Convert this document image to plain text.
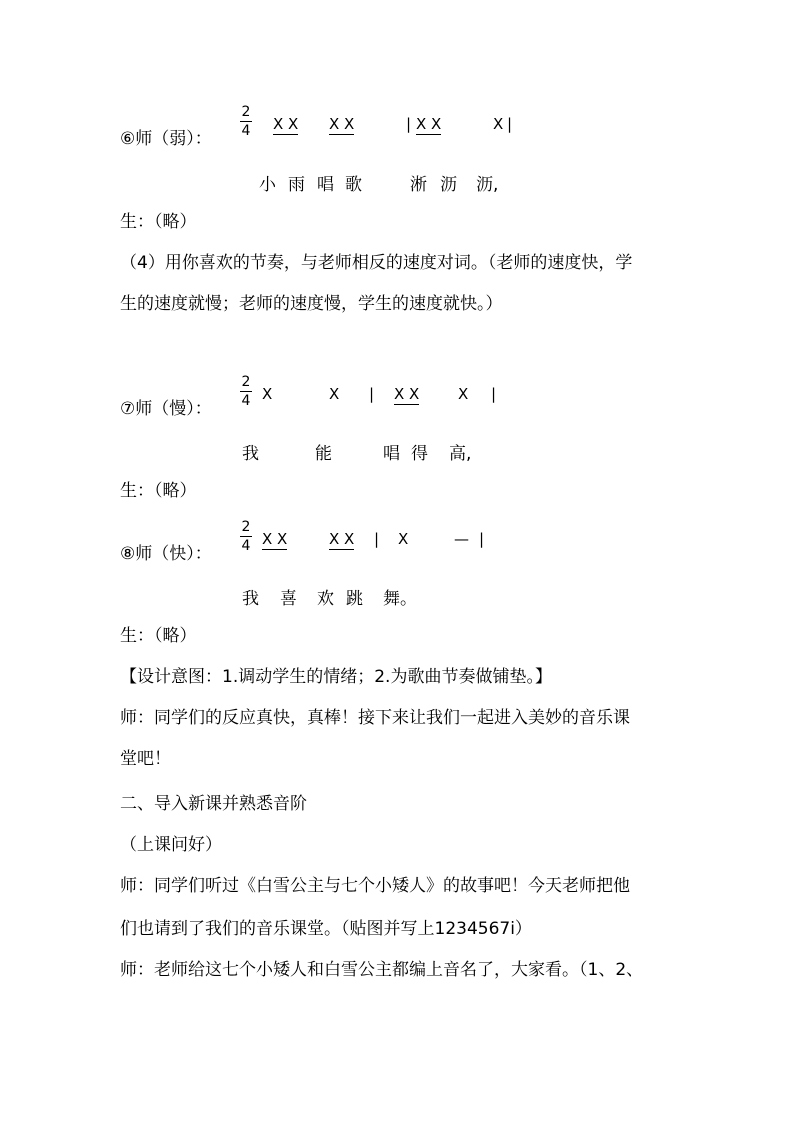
⑥师（弱）：
2
4 X X X X	| X X	X |
小 雨 唱 歌	淅 沥 沥,
生：（略）
（4）用你喜欢的节奏，与老师相反的速度对词。（老师的速度快，学
生的速度就慢；老师的速度慢，学生的速度就快。）
⑦师（慢）：
2
4 X	X | X X	X |
我	能	唱 得 高,
生：（略）
⑧师（快）：
2
4 X X	X X | X	— |
我 喜 欢 跳 舞。
生：（略）
【设计意图：1.调动学生的情绪；2.为歌曲节奏做铺垫。】
师：同学们的反应真快，真棒！接下来让我们一起进入美妙的音乐课
堂吧！
二、导入新课并熟悉音阶
（上课问好）
师：同学们听过《白雪公主与七个小矮人》的故事吧！今天老师把他
们也请到了我们的音乐课堂。（贴图并写上1234567i）
师：老师给这七个小矮人和白雪公主都编上音名了，大家看。（1、2、
